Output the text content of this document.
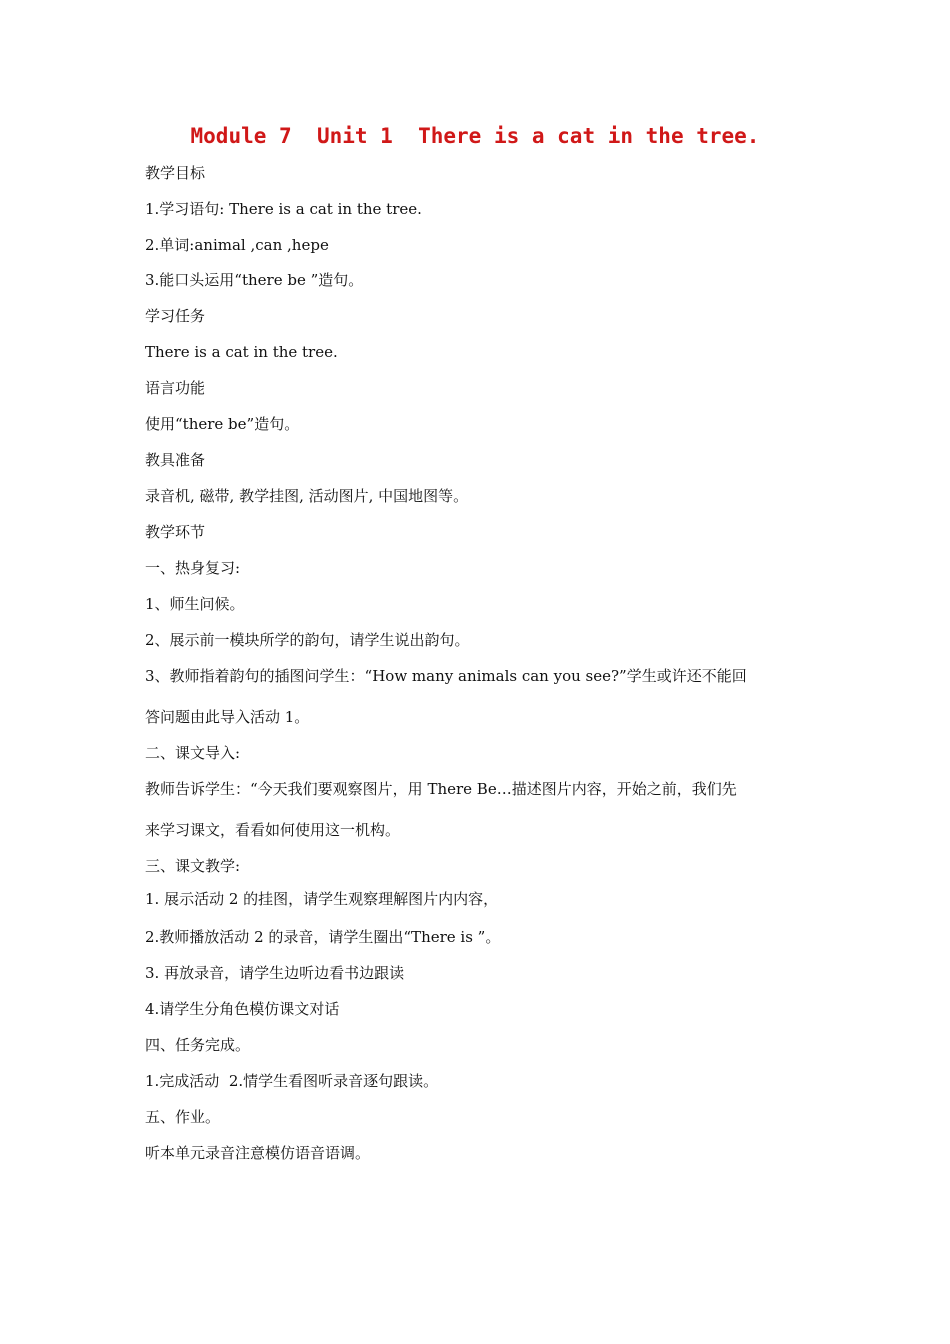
Module 7  Unit 1  There is a cat in the tree.
教学目标
1.学习语句: There is a cat in the tree.
2.单词:animal ,can ,hepe
3.能口头运用“there be ”造句。
学习任务
There is a cat in the tree.
语言功能
使用“there be”造句。
教具准备
录音机, 磁带, 教学挂图, 活动图片, 中国地图等。
教学环节
一、热身复习:
1、师生问候。
2、展示前一模块所学的韵句，请学生说出韵句。
3、教师指着韵句的插图问学生：“How many animals can you see?”学生或许还不能回
答问题由此导入活动 1。
二、课文导入:
教师告诉学生：“今天我们要观察图片，用 There Be…描述图片内容，开始之前，我们先
来学习课文，看看如何使用这一机构。
三、课文教学:
1. 展示活动 2 的挂图，请学生观察理解图片内内容，
2.教师播放活动 2 的录音，请学生圈出“There is ”。
3. 再放录音，请学生边听边看书边跟读
4.请学生分角色模仿课文对话
四、任务完成。
1.完成活动  2.情学生看图听录音逐句跟读。
五、作业。
听本单元录音注意模仿语音语调。
